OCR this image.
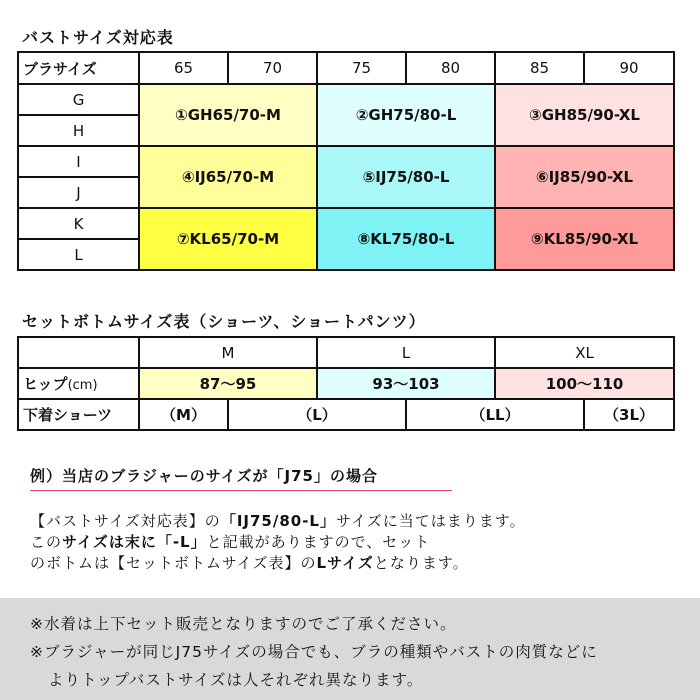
バストサイズ対応表
ブラサイズ	65	70	75	80	85	90
G	①GH65/70-M		②GH75/80-L		③GH85/90-XL	
H						
I	④IJ65/70-M		⑤IJ75/80-L		⑥IJ85/90-XL	
J						
K	⑦KL65/70-M		⑧KL75/80-L		⑨KL85/90-XL	
L						
セットボトムサイズ表（ショーツ、ショートパンツ）
	M		L		XL	
ヒップ(cm)	87〜95		93〜103		100〜110	
下着ショーツ	（M）	（L）		（LL）		（3L）
例）当店のブラジャーのサイズが「J75」の場合
【バストサイズ対応表】の「IJ75/80-L」サイズに当てはまります。
このサイズは末に「-L」と記載がありますので、セット
のボトムは【セットボトムサイズ表】のLサイズとなります。
※水着は上下セット販売となりますのでご了承ください。
※ブラジャーが同じJ75サイズの場合でも、ブラの種類やバストの肉質などに
よりトップバストサイズは人それぞれ異なります。
